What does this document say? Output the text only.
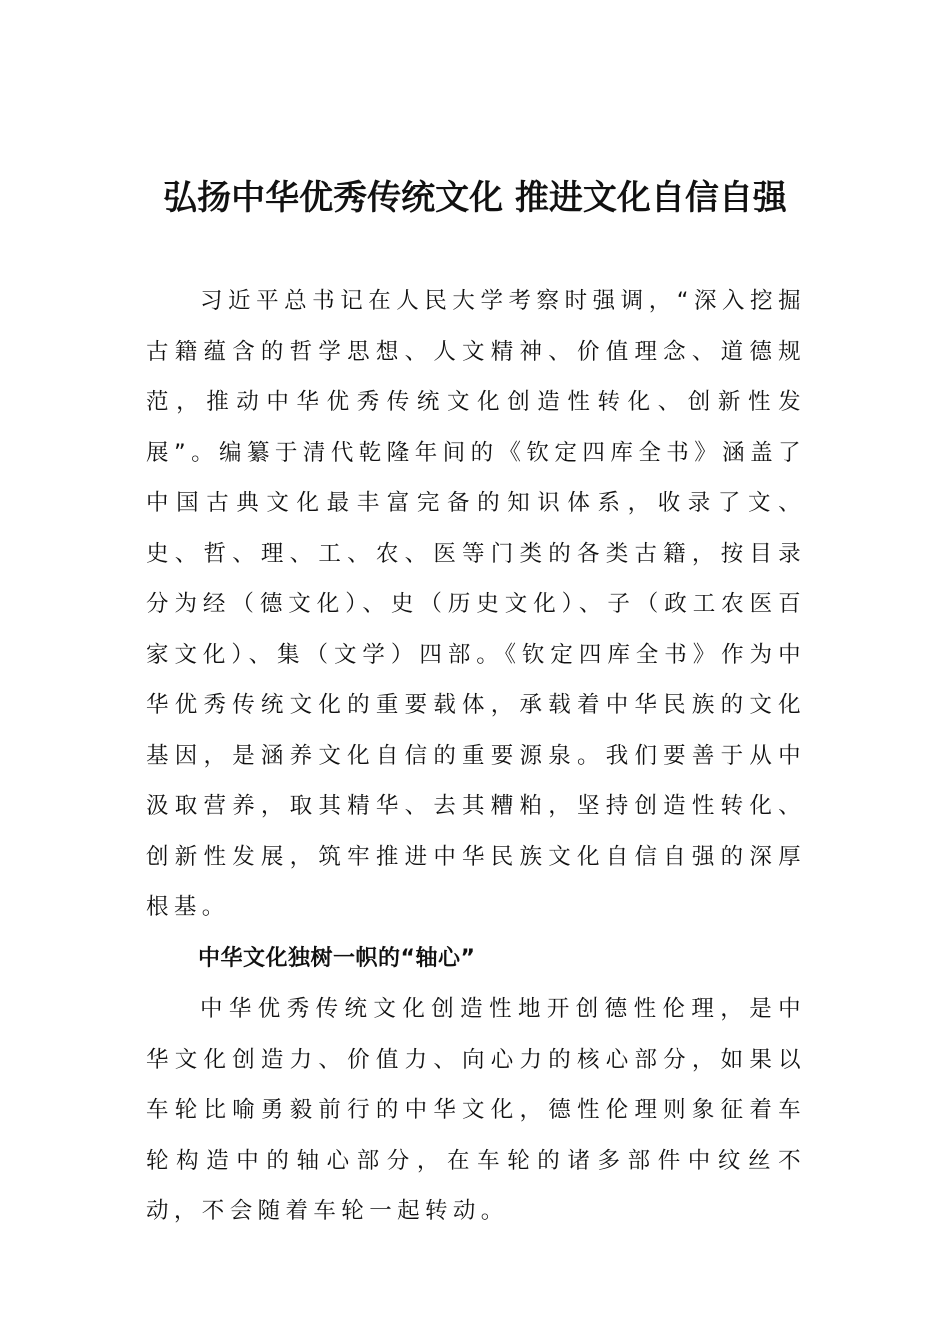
弘扬中华优秀传统文化 推进文化自信自强

习近平总书记在人民大学考察时强调，“深入挖掘古籍蕴含的哲学思想、人文精神、价值理念、道德规范，推动中华优秀传统文化创造性转化、创新性发展”。编纂于清代乾隆年间的《钦定四库全书》涵盖了中国古典文化最丰富完备的知识体系，收录了文、史、哲、理、工、农、医等门类的各类古籍，按目录分为经（德文化）、史（历史文化）、子（政工农医百家文化）、集（文学）四部。《钦定四库全书》作为中华优秀传统文化的重要载体，承载着中华民族的文化基因，是涵养文化自信的重要源泉。我们要善于从中汲取营养，取其精华、去其糟粕，坚持创造性转化、创新性发展，筑牢推进中华民族文化自信自强的深厚根基。

中华文化独树一帜的“轴心”

中华优秀传统文化创造性地开创德性伦理，是中华文化创造力、价值力、向心力的核心部分，如果以车轮比喻勇毅前行的中华文化，德性伦理则象征着车轮构造中的轴心部分，在车轮的诸多部件中纹丝不动，不会随着车轮一起转动。
